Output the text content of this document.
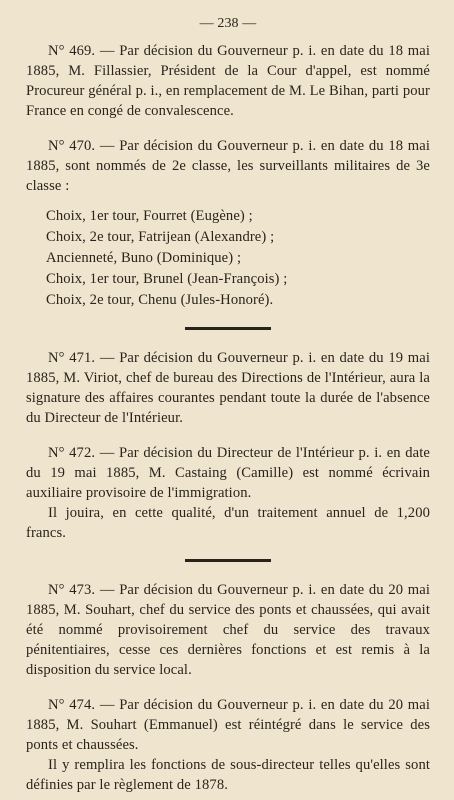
— 238 —

N° 469. — Par décision du Gouverneur p. i. en date du 18 mai 1885, M. Fillassier, Président de la Cour d'appel, est nommé Procureur général p. i., en remplacement de M. Le Bihan, parti pour France en congé de convalescence.

N° 470. — Par décision du Gouverneur p. i. en date du 18 mai 1885, sont nommés de 2e classe, les surveillants militaires de 3e classe :

Choix, 1er tour, Fourret (Eugène) ;

Choix, 2e tour, Fatrijean (Alexandre) ;

Ancienneté, Buno (Dominique) ;

Choix, 1er tour, Brunel (Jean-François) ;

Choix, 2e tour, Chenu (Jules-Honoré).

N° 471. — Par décision du Gouverneur p. i. en date du 19 mai 1885, M. Viriot, chef de bureau des Directions de l'Intérieur, aura la signature des affaires courantes pendant toute la durée de l'absence du Directeur de l'Intérieur.

N° 472. — Par décision du Directeur de l'Intérieur p. i. en date du 19 mai 1885, M. Castaing (Camille) est nommé écrivain auxiliaire provisoire de l'immigration.

Il jouira, en cette qualité, d'un traitement annuel de 1,200 francs.

N° 473. — Par décision du Gouverneur p. i. en date du 20 mai 1885, M. Souhart, chef du service des ponts et chaussées, qui avait été nommé provisoirement chef du service des travaux pénitentiaires, cesse ces dernières fonctions et est remis à la disposition du service local.

N° 474. — Par décision du Gouverneur p. i. en date du 20 mai 1885, M. Souhart (Emmanuel) est réintégré dans le service des ponts et chaussées.

Il y remplira les fonctions de sous-directeur telles qu'elles sont définies par le règlement de 1878.
